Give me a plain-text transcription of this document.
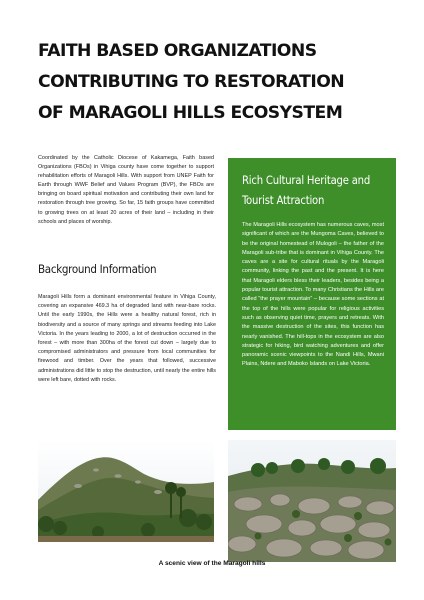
FAITH BASED ORGANIZATIONS
CONTRIBUTING TO RESTORATION
OF MARAGOLI HILLS ECOSYSTEM
Coordinated by the Catholic Diocese of Kakamega, Faith based Organizations (FBOs) in Vihiga county have come together to support rehabilitation efforts of Maragoli Hills. With support from UNEP Faith for Earth through WWF Belief and Values Program (BVP), the FBOs are bringing on board spiritual motivation and contributing their own land for restoration through tree growing. So far, 15 faith groups have committed to growing trees on at least 20 acres of their land – including in their schools and places of worship.
Background Information
Maragoli Hills form a dominant environmental feature in Vihiga County, covering an expansive 469.3 ha of degraded land with near-bare rocks. Until the early 1990s, the Hills were a healthy natural forest, rich in biodiversity and a source of many springs and streams feeding into Lake Victoria. In the years leading to 2000, a lot of destruction occurred in the forest – with more than 300ha of the forest cut down – largely due to compromised administrators and pressure from local communities for firewood and timber. Over the years that followed, successive administrations did little to stop the destruction, until nearly the entire hills were left bare, dotted with rocks.
Rich Cultural Heritage and
Tourist Attraction
The Maragoli Hills ecosystem has numerous caves, most significant of which are the Mungoma Caves, believed to be the original homestead of Mulogoli – the father of the Maragoli sub-tribe that is dominant in Vihiga County. The caves are a site for cultural rituals by the Maragoli community, linking the past and the present. It is here that Maragoli elders bless their leaders, besides being a popular tourist attraction. To many Christians the Hills are called “the prayer mountain” – because some sections at the top of the hills were popular for religious activities such as observing quiet time, prayers and retreats. With the massive destruction of the sites, this function has nearly vanished. The hill-tops in the ecosystem are also strategic for hiking, bird watching adventures and offer panoramic scenic viewpoints to the Nandi Hills, Mwani Plains, Ndere and Maboko Islands on Lake Victoria.
A scenic view of the Maragoli hills
